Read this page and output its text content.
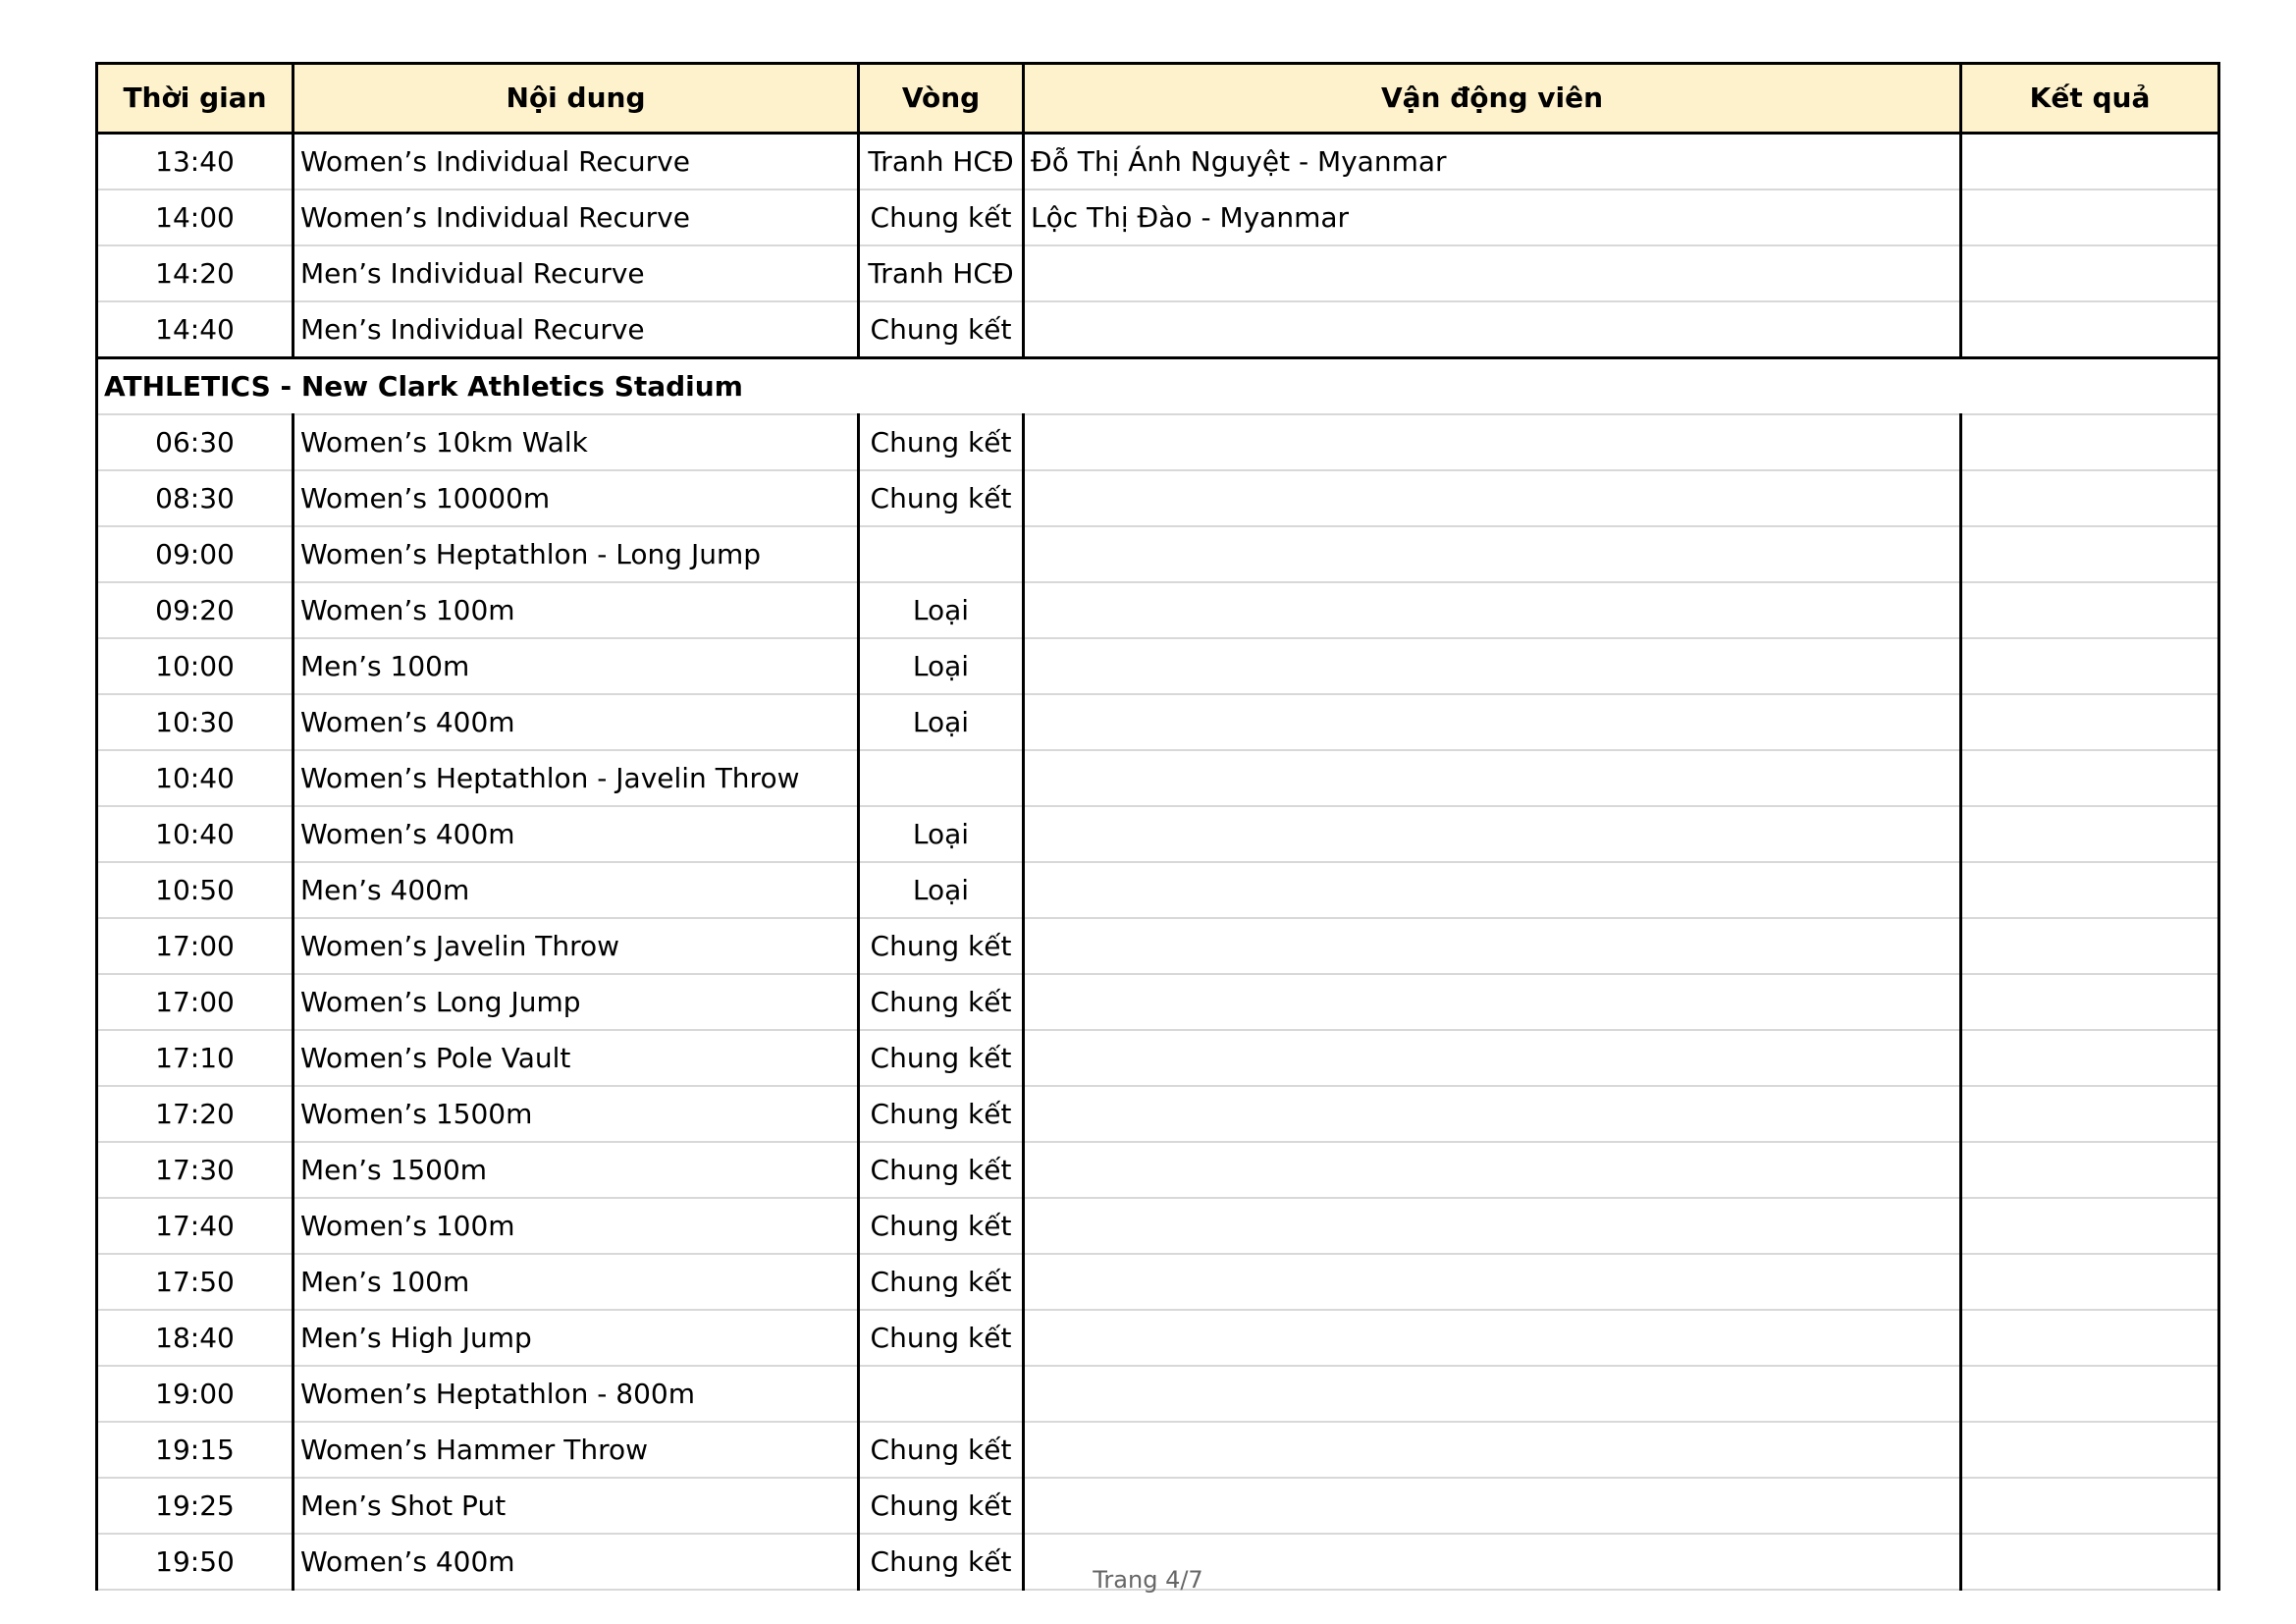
Thời gian	Nội dung	Vòng	Vận động viên	Kết quả
13:40	Women’s Individual Recurve	Tranh HCĐ	Đỗ Thị Ánh Nguyệt - Myanmar	
14:00	Women’s Individual Recurve	Chung kết	Lộc Thị Đào - Myanmar	
14:20	Men’s Individual Recurve	Tranh HCĐ		
14:40	Men’s Individual Recurve	Chung kết		
ATHLETICS - New Clark Athletics Stadium				
06:30	Women’s 10km Walk	Chung kết		
08:30	Women’s 10000m	Chung kết		
09:00	Women’s Heptathlon - Long Jump			
09:20	Women’s 100m	Loại		
10:00	Men’s 100m	Loại		
10:30	Women’s 400m	Loại		
10:40	Women’s Heptathlon - Javelin Throw			
10:40	Women’s 400m	Loại		
10:50	Men’s 400m	Loại		
17:00	Women’s Javelin Throw	Chung kết		
17:00	Women’s Long Jump	Chung kết		
17:10	Women’s Pole Vault	Chung kết		
17:20	Women’s 1500m	Chung kết		
17:30	Men’s 1500m	Chung kết		
17:40	Women’s 100m	Chung kết		
17:50	Men’s 100m	Chung kết		
18:40	Men’s High Jump	Chung kết		
19:00	Women’s Heptathlon - 800m			
19:15	Women’s Hammer Throw	Chung kết		
19:25	Men’s Shot Put	Chung kết		
19:50	Women’s 400m	Chung kết		
Trang 4/7
